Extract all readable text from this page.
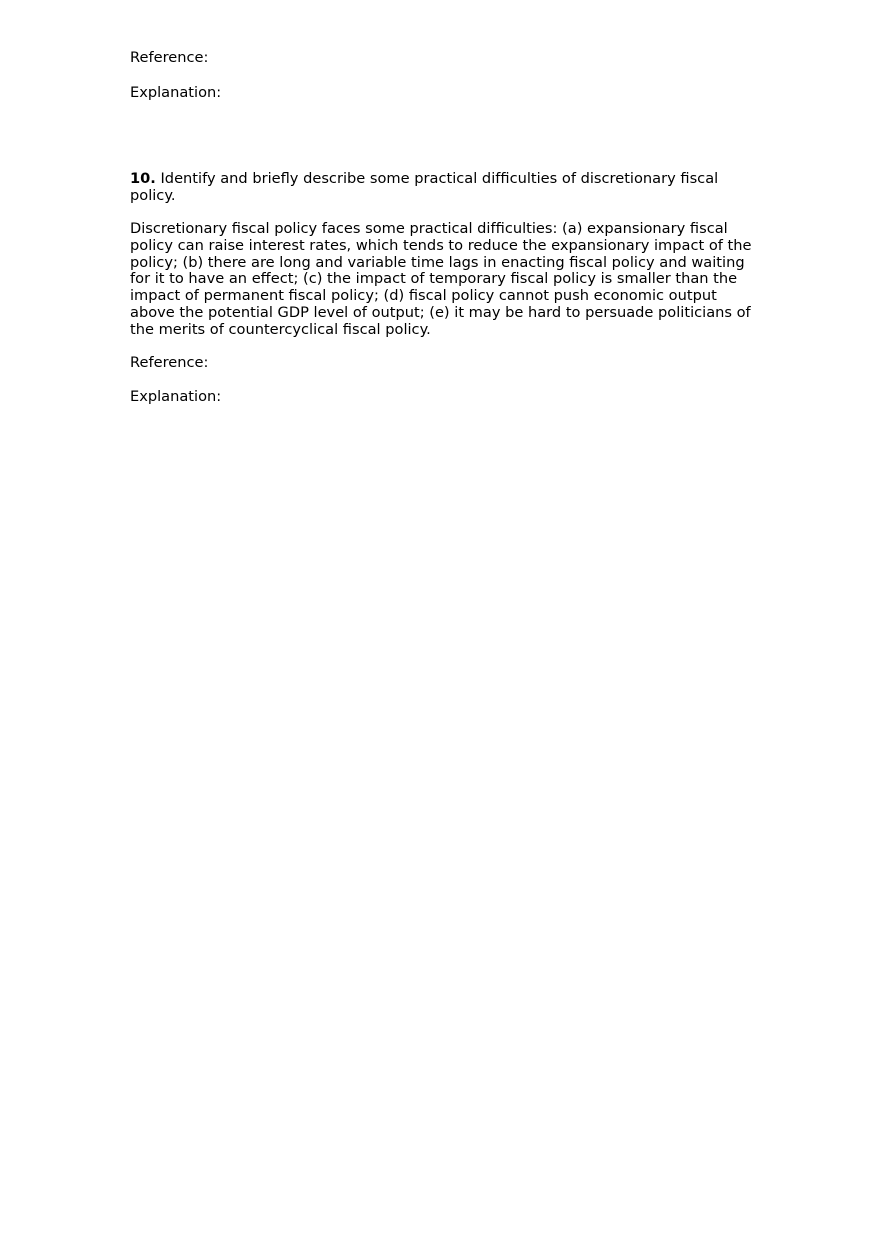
Reference:
Explanation:
10. Identify and briefly describe some practical difﬁculties of discretionary fiscal
policy.
Discretionary fiscal policy faces some practical difﬁculties: (a) expansionary fiscal
policy can raise interest rates, which tends to reduce the expansionary impact of the
policy; (b) there are long and variable time lags in enacting fiscal policy and waiting
for it to have an effect; (c) the impact of temporary fiscal policy is smaller than the
impact of permanent fiscal policy; (d) fiscal policy cannot push economic output
above the potential GDP level of output; (e) it may be hard to persuade politicians of
the merits of countercyclical fiscal policy.
Reference:
Explanation:
